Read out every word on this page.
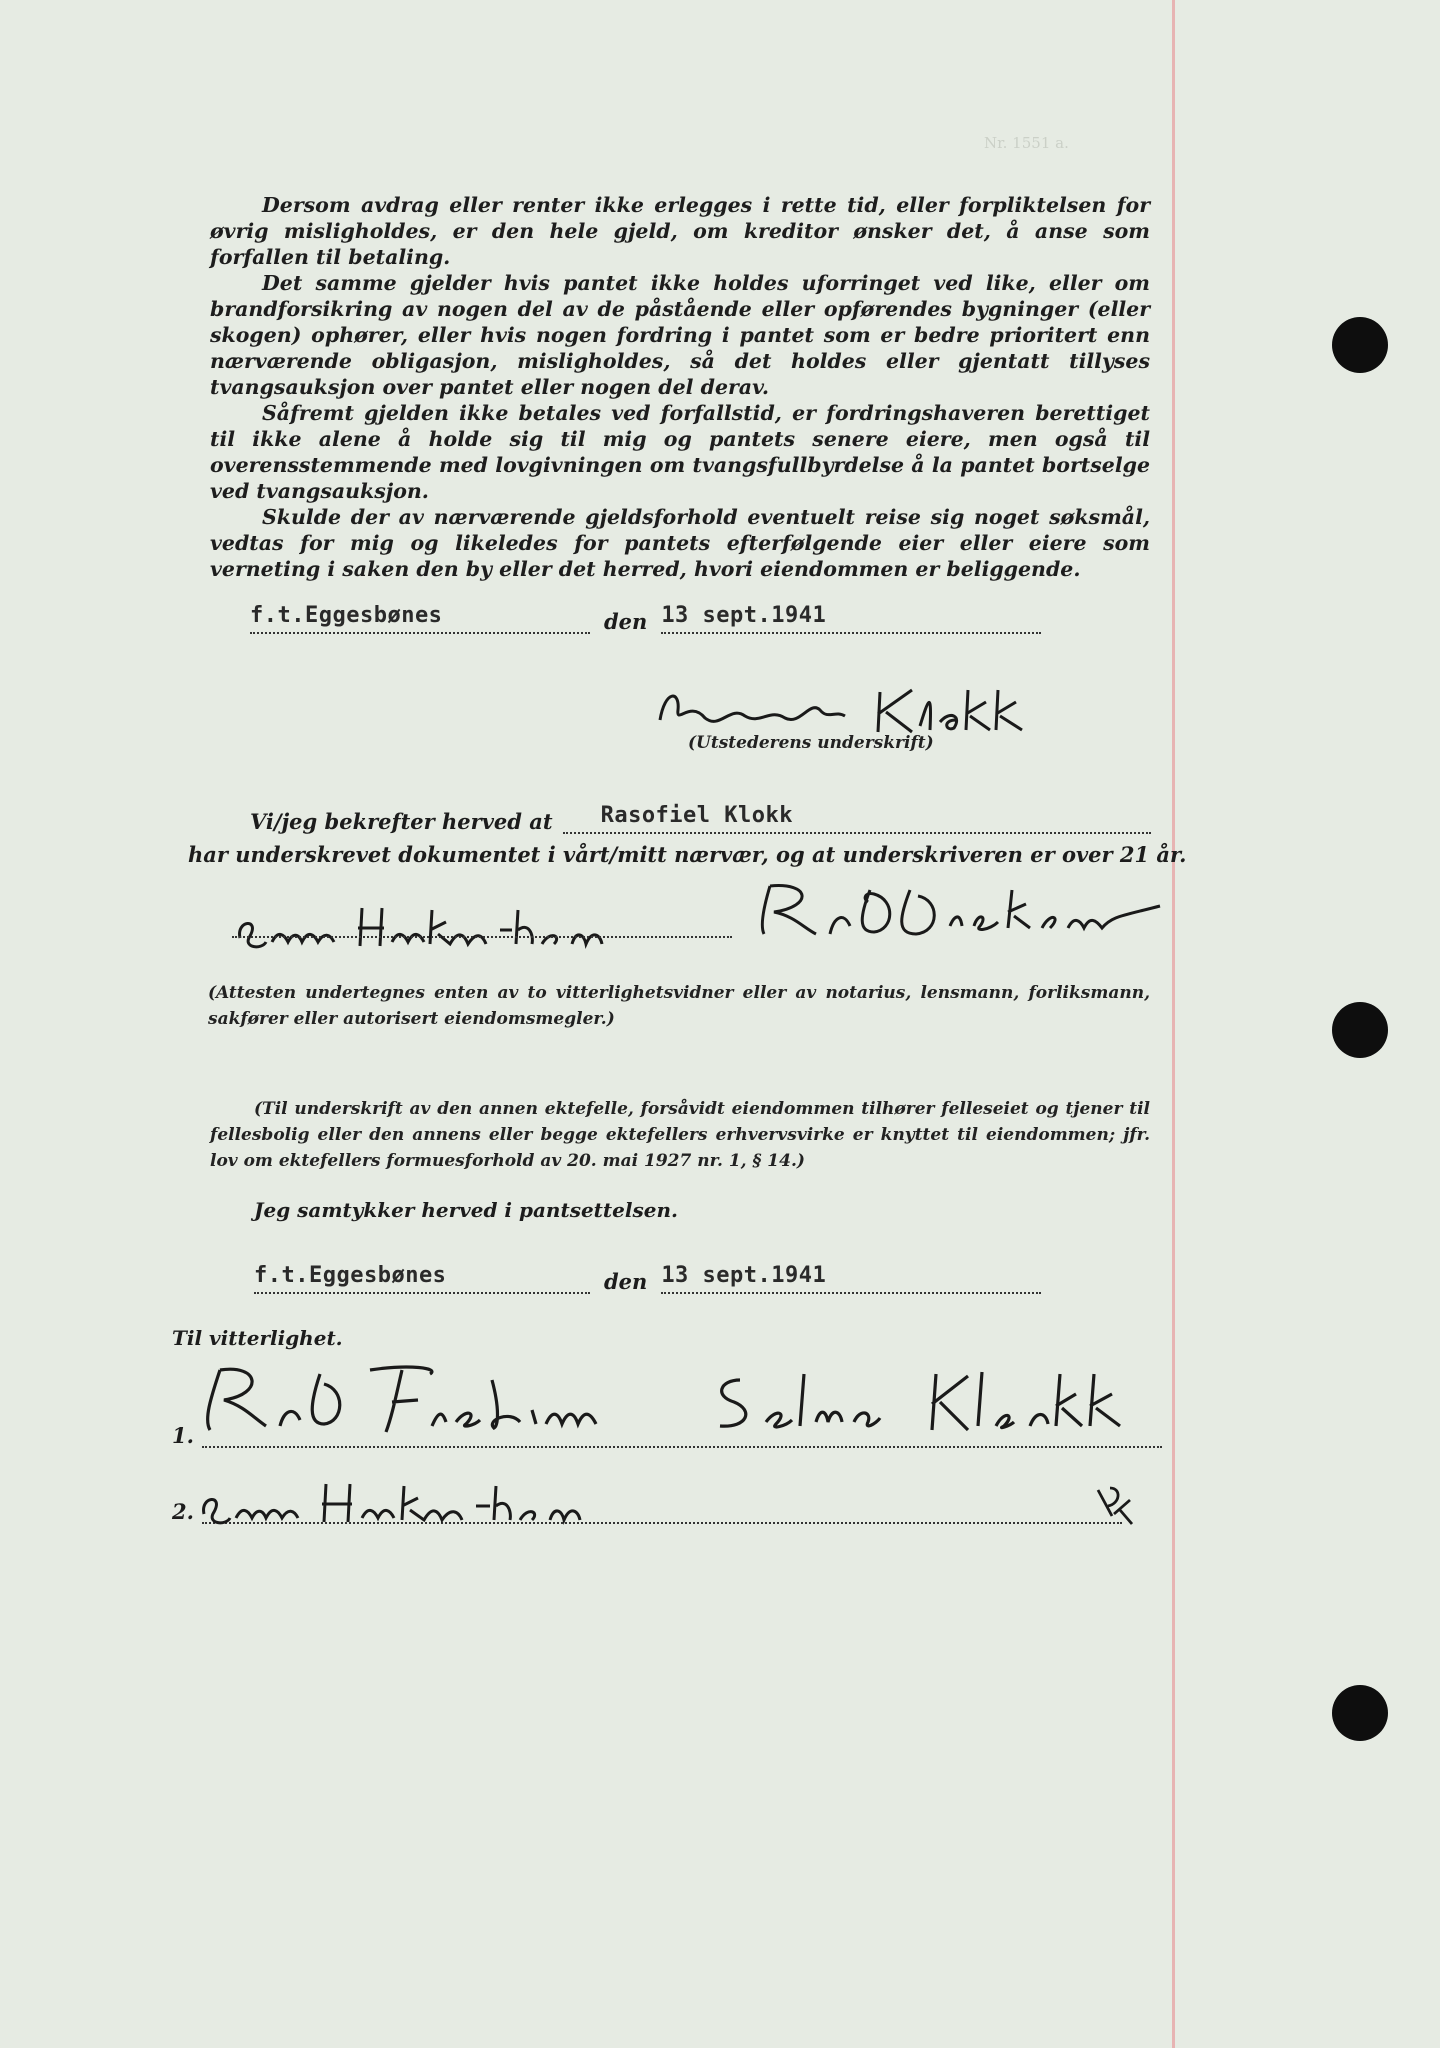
Nr. 1551 a.

Dersom avdrag eller renter ikke erlegges i rette tid, eller forpliktelsen for øvrig misligholdes, er den hele gjeld, om kreditor ønsker det, å anse som forfallen til betaling.

Det samme gjelder hvis pantet ikke holdes uforringet ved like, eller om brandforsikring av nogen del av de påstående eller opførendes bygninger (eller skogen) ophører, eller hvis nogen fordring i pantet som er bedre prioritert enn nærværende obligasjon, misligholdes, så det holdes eller gjentatt tillyses tvangsauksjon over pantet eller nogen del derav.

Såfremt gjelden ikke betales ved forfallstid, er fordringshaveren berettiget til ikke alene å holde sig til mig og pantets senere eiere, men også til overensstemmende med lovgivningen om tvangsfullbyrdelse å la pantet bortselge ved tvangsauksjon.

Skulde der av nærværende gjeldsforhold eventuelt reise sig noget søksmål, vedtas for mig og likeledes for pantets efterfølgende eier eller eiere som verneting i saken den by eller det herred, hvori eiendommen er beliggende.

f.t.Eggesbønes	den 13 sept.1941
(Utstederens underskrift)
Vi/jeg bekrefter herved at Rasofiel Klokk
har underskrevet dokumentet i vårt/mitt nærvær, og at underskriveren er over 21 år.
(Attesten undertegnes enten av to vitterlighetsvidner eller av notarius, lensmann, forliksmann, sakfører eller autorisert eiendomsmegler.)
(Til underskrift av den annen ektefelle, forsåvidt eiendommen tilhører felleseiet og tjener til fellesbolig eller den annens eller begge ektefellers erhvervsvirke er knyttet til eiendommen; jfr. lov om ektefellers formuesforhold av 20. mai 1927 nr. 1, § 14.)
Jeg samtykker herved i pantsettelsen.
f.t.Eggesbønes	den 13 sept.1941
Til vitterlighet.
1.
2.
